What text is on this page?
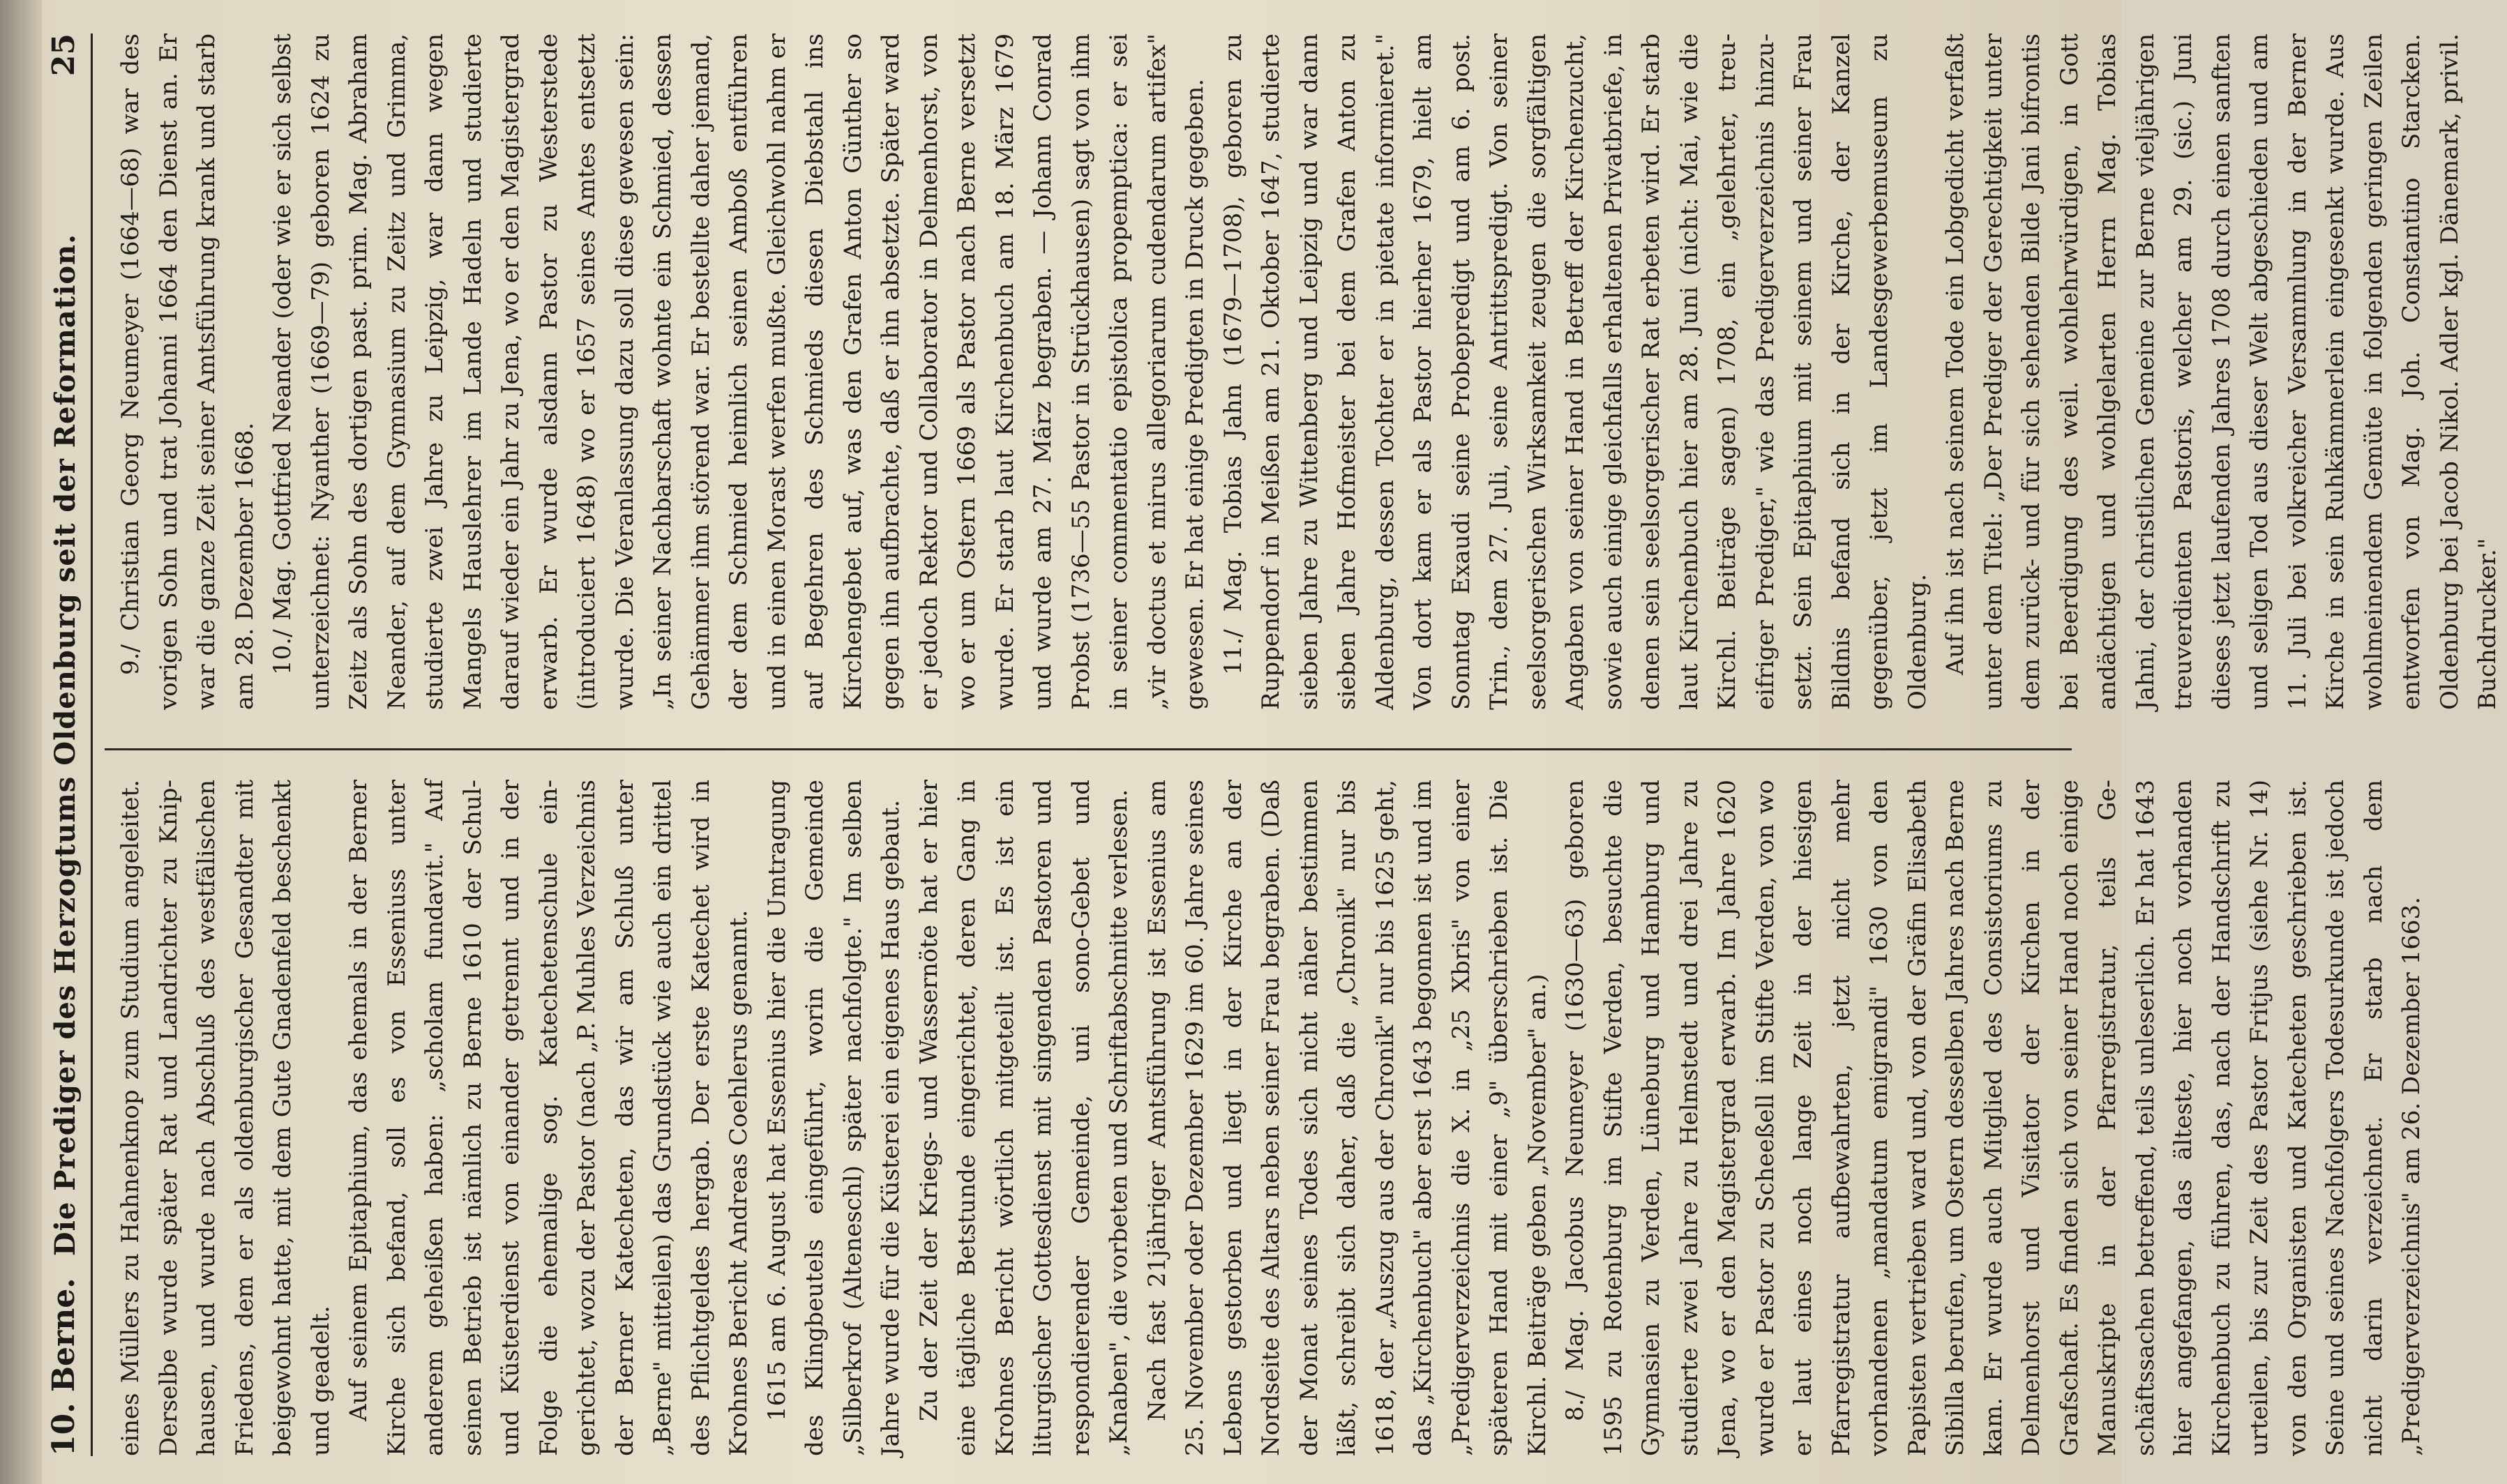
10. Berne.
Die Prediger des Herzogtums Oldenburg seit der Reformation.
25

eines Müllers zu Hahnenknop zum Studium angeleitet. Derselbe wurde später Rat und Landrichter zu Kniphausen, und wurde nach Abschluß des westfälischen Friedens, dem er als oldenburgischer Gesandter mit beigewohnt hatte, mit dem Gute Gnadenfeld beschenkt und geadelt. Auf seinem Epitaphium, das ehemals in der Berner Kirche sich befand, soll es von Esseniuss unter anderem geheißen haben: „scholam fundavit." Auf seinen Betrieb ist nämlich zu Berne 1610 der Schul- und Küsterdienst von einander getrennt und in der Folge die ehemalige sog. Katechetenschule eingerichtet, wozu der Pastor (nach „P. Muhles Verzeichnis der Berner Katecheten, das wir am Schluß unter „Berne" mitteilen) das Grundstück wie auch ein drittel des Pflichtgeldes hergab. Der erste Katechet wird in Krohnes Bericht Andreas Coehlerus genannt. 1615 am 6. August hat Essenius hier die Umtragung des Klingbeutels eingeführt, worin die Gemeinde „Silberkrof (Alteneschl) später nachfolgte." Im selben Jahre wurde für die Küsterei ein eigenes Haus gebaut. Zu der Zeit der Kriegs- und Wassernöte hat er hier eine tägliche Betstunde eingerichtet, deren Gang in Krohnes Bericht wörtlich mitgeteilt ist. Es ist ein liturgischer Gottesdienst mit singenden Pastoren und respondierender Gemeinde, uni sono-Gebet und „Knaben", die vorbeten und Schriftabschnitte verlesen. Nach fast 21jähriger Amtsführung ist Essenius am 25. November oder Dezember 1629 im 60. Jahre seines Lebens gestorben und liegt in der Kirche an der Nordseite des Altars neben seiner Frau begraben. (Daß der Monat seines Todes sich nicht näher bestimmen läßt, schreibt sich daher, daß die „Chronik" nur bis 1618, der „Auszug aus der Chronik" nur bis 1625 geht, das „Kirchenbuch" aber erst 1643 begonnen ist und im „Predigerverzeichnis die X. in „25 Xbris" von einer späteren Hand mit einer „9" überschrieben ist. Die Kirchl. Beiträge geben „November" an.) 8./ Mag. Jacobus Neumeyer (1630—63) geboren 1595 zu Rotenburg im Stifte Verden, besuchte die Gymnasien zu Verden, Lüneburg und Hamburg und studierte zwei Jahre zu Helmstedt und drei Jahre zu Jena, wo er den Magistergrad erwarb. Im Jahre 1620 wurde er Pastor zu Scheeßell im Stifte Verden, von wo er laut eines noch lange Zeit in der hiesigen Pfarregistratur aufbewahrten, jetzt nicht mehr vorhandenen „mandatum emigrandi" 1630 von den Papisten vertrieben ward und, von der Gräfin Elisabeth Sibilla berufen, um Ostern desselben Jahres nach Berne kam. Er wurde auch Mitglied des Consistoriums zu Delmenhorst und Visitator der Kirchen in der Grafschaft. Es finden sich von seiner Hand noch einige Manuskripte in der Pfarregistratur, teils Geschäftssachen betreffend, teils unleserlich. Er hat 1643 hier angefangen, das älteste, hier noch vorhanden Kirchenbuch zu führen, das, nach der Handschrift zu urteilen, bis zur Zeit des Pastor Fritjus (siehe Nr. 14) von den Organisten und Katecheten geschrieben ist. Seine und seines Nachfolgers Todesurkunde ist jedoch nicht darin verzeichnet. Er starb nach dem „Predigerverzeichnis" am 26. Dezember 1663.

9./ Christian Georg Neumeyer (1664—68) war des vorigen Sohn und trat Johanni 1664 den Dienst an. Er war die ganze Zeit seiner Amtsführung krank und starb am 28. Dezember 1668. 10./ Mag. Gottfried Neander (oder wie er sich selbst unterzeichnet: Nyanther (1669—79) geboren 1624 zu Zeitz als Sohn des dortigen past. prim. Mag. Abraham Neander, auf dem Gymnasium zu Zeitz und Grimma, studierte zwei Jahre zu Leipzig, war dann wegen Mangels Hauslehrer im Lande Hadeln und studierte darauf wieder ein Jahr zu Jena, wo er den Magistergrad erwarb. Er wurde alsdann Pastor zu Westerstede (introduciert 1648) wo er 1657 seines Amtes entsetzt wurde. Die Veranlassung dazu soll diese gewesen sein: „In seiner Nachbarschaft wohnte ein Schmied, dessen Gehämmer ihm störend war. Er bestellte daher jemand, der dem Schmied heimlich seinen Amboß entführen und in einen Morast werfen mußte. Gleichwohl nahm er auf Begehren des Schmieds diesen Diebstahl ins Kirchengebet auf, was den Grafen Anton Günther so gegen ihn aufbrachte, daß er ihn absetzte. Später ward er jedoch Rektor und Collaborator in Delmenhorst, von wo er um Ostern 1669 als Pastor nach Berne versetzt wurde. Er starb laut Kirchenbuch am 18. März 1679 und wurde am 27. März begraben. — Johann Conrad Probst (1736—55 Pastor in Strückhausen) sagt von ihm in seiner commentatio epistolica propemptica: er sei „vir doctus et mirus allegoriarum cudendarum artifex" gewesen. Er hat einige Predigten in Druck gegeben. 11./ Mag. Tobias Jahn (1679—1708), geboren zu Ruppendorf in Meißen am 21. Oktober 1647, studierte sieben Jahre zu Wittenberg und Leipzig und war dann sieben Jahre Hofmeister bei dem Grafen Anton zu Aldenburg, dessen Tochter er in pietate informieret." Von dort kam er als Pastor hierher 1679, hielt am Sonntag Exaudi seine Probepredigt und am 6. post. Trin., dem 27. Juli, seine Antrittspredigt. Von seiner seelsorgerischen Wirksamkeit zeugen die sorgfältigen Angaben von seiner Hand in Betreff der Kirchenzucht, sowie auch einige gleichfalls erhaltenen Privatbriefe, in denen sein seelsorgerischer Rat erbeten wird. Er starb laut Kirchenbuch hier am 28. Juni (nicht: Mai, wie die Kirchl. Beiträge sagen) 1708, ein „gelehrter, treueifriger Prediger," wie das Predigerverzeichnis hinzusetzt. Sein Epitaphium mit seinem und seiner Frau Bildnis befand sich in der Kirche, der Kanzel gegenüber, jetzt im Landesgewerbemuseum zu Oldenburg. Auf ihn ist nach seinem Tode ein Lobgedicht verfaßt unter dem Titel: „Der Prediger der Gerechtigkeit unter dem zurück- und für sich sehenden Bilde Jani bifrontis bei Beerdigung des weil. wohlehrwürdigen, in Gott andächtigen und wohlgelarten Herrn Mag. Tobias Jahni, der christlichen Gemeine zur Berne vieljährigen treuverdienten Pastoris, welcher am 29. (sic.) Juni dieses jetzt laufenden Jahres 1708 durch einen sanften und seligen Tod aus dieser Welt abgeschieden und am 11. Juli bei volkreicher Versammlung in der Berner Kirche in sein Ruhkämmerlein eingesenkt wurde. Aus wohlmeinendem Gemüte in folgenden geringen Zeilen entworfen von Mag. Joh. Constantino Starcken. Oldenburg bei Jacob Nikol. Adler kgl. Dänemark, privil. Buchdrucker."
